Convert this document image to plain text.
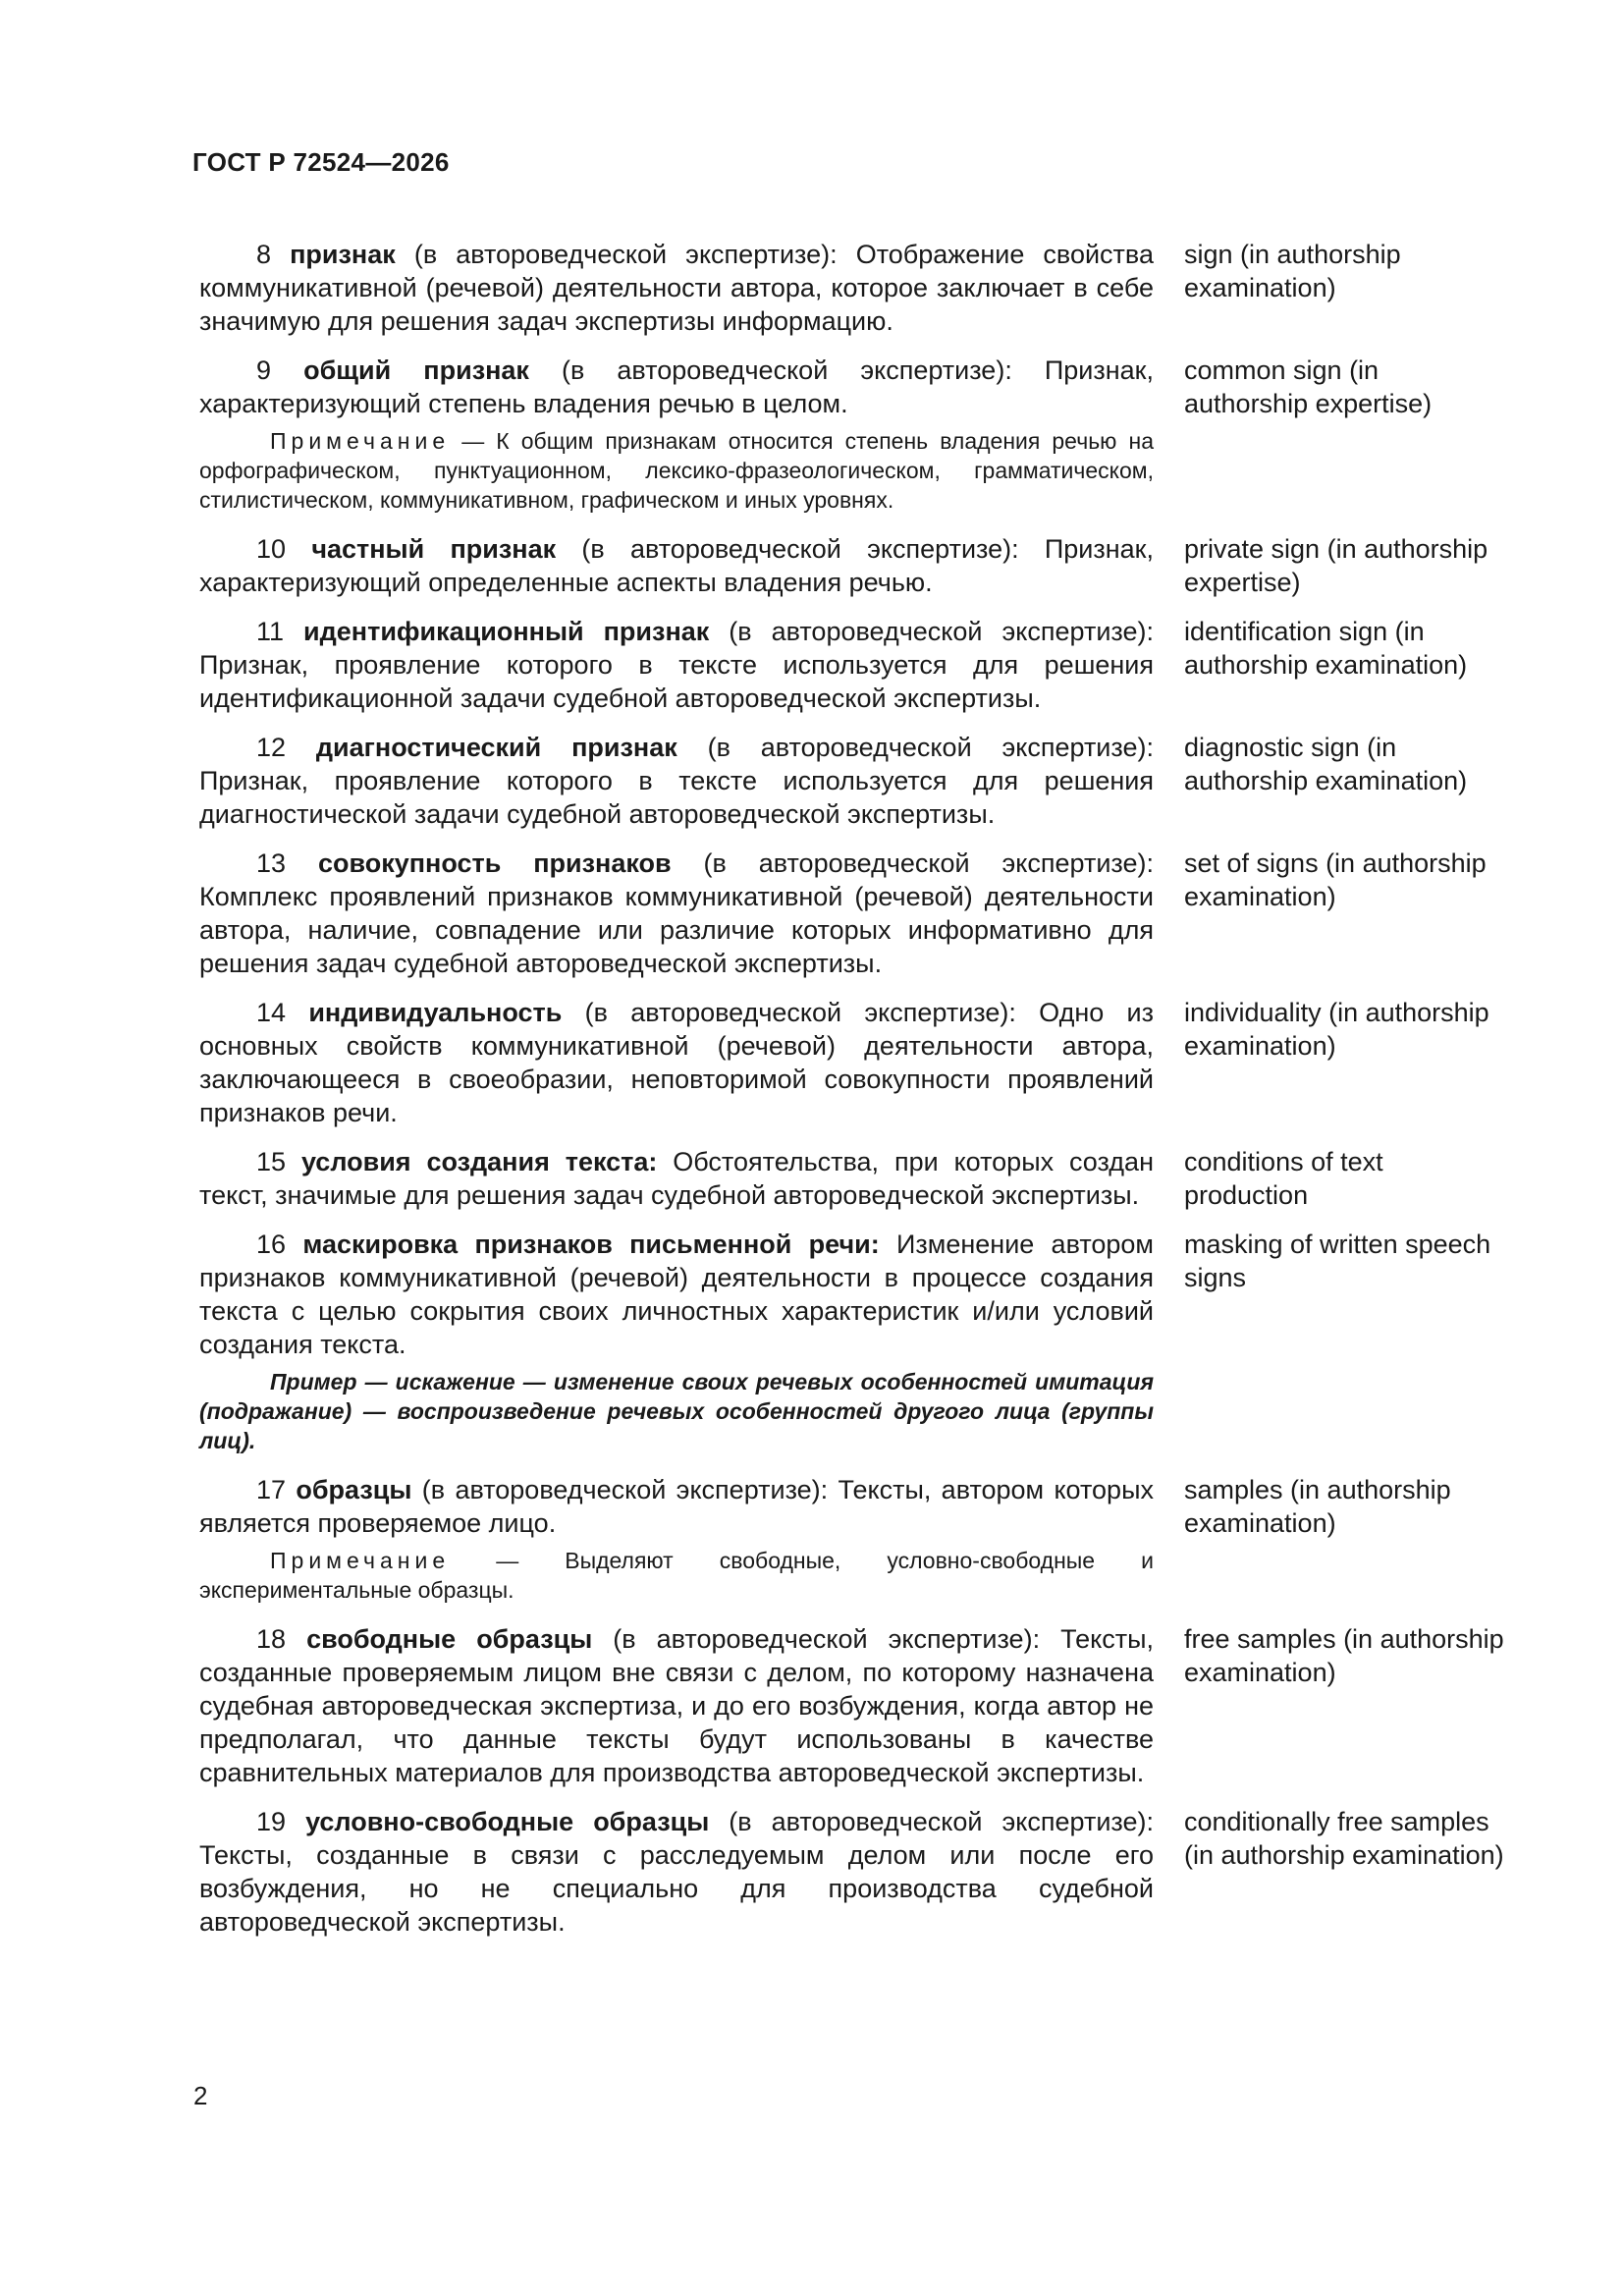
ГОСТ Р 72524—2026
8 признак (в автороведческой экспертизе): Отображение свойства коммуникативной (речевой) деятельности автора, которое заключает в себе значимую для решения задач экспертизы информацию.
sign (in authorship examination)
9 общий признак (в автороведческой экспертизе): Признак, характеризующий степень владения речью в целом.
common sign (in authorship expertise)
Примечание — К общим признакам относится степень владения речью на орфографическом, пунктуационном, лексико-фразеологическом, грамматическом, стилистическом, коммуникативном, графическом и иных уровнях.
10 частный признак (в автороведческой экспертизе): Признак, характеризующий определенные аспекты владения речью.
private sign (in authorship expertise)
11 идентификационный признак (в автороведческой экспертизе): Признак, проявление которого в тексте используется для решения идентификационной задачи судебной автороведческой экспертизы.
identification sign (in authorship examination)
12 диагностический признак (в автороведческой экспертизе): Признак, проявление которого в тексте используется для решения диагностической задачи судебной автороведческой экспертизы.
diagnostic sign (in authorship examination)
13 совокупность признаков (в автороведческой экспертизе): Комплекс проявлений признаков коммуникативной (речевой) деятельности автора, наличие, совпадение или различие которых информативно для решения задач судебной автороведческой экспертизы.
set of signs (in authorship examination)
14 индивидуальность (в автороведческой экспертизе): Одно из основных свойств коммуникативной (речевой) деятельности автора, заключающееся в своеобразии, неповторимой совокупности проявлений признаков речи.
individuality (in authorship examination)
15 условия создания текста: Обстоятельства, при которых создан текст, значимые для решения задач судебной автороведческой экспертизы.
conditions of text production
16 маскировка признаков письменной речи: Изменение автором признаков коммуникативной (речевой) деятельности в процессе создания текста с целью сокрытия своих личностных характеристик и/или условий создания текста.
masking of written speech signs
Пример — искажение — изменение своих речевых особенностей имитация (подражание) — воспроизведение речевых особенностей другого лица (группы лиц).
17 образцы (в автороведческой экспертизе): Тексты, автором которых является проверяемое лицо.
samples (in authorship examination)
Примечание — Выделяют свободные, условно-свободные и экспериментальные образцы.
18 свободные образцы (в автороведческой экспертизе): Тексты, созданные проверяемым лицом вне связи с делом, по которому назначена судебная автороведческая экспертиза, и до его возбуждения, когда автор не предполагал, что данные тексты будут использованы в качестве сравнительных материалов для производства автороведческой экспертизы.
free samples (in authorship examination)
19 условно-свободные образцы (в автороведческой экспертизе): Тексты, созданные в связи с расследуемым делом или после его возбуждения, но не специально для производства судебной автороведческой экспертизы.
conditionally free samples (in authorship examination)
2
